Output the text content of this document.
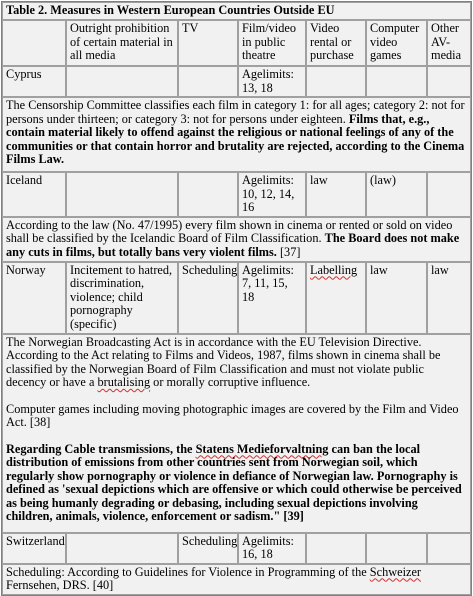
Table 2. Measures in Western European Countries Outside EU						
	Outright prohibition of certain material in all media	TV	Film/video in public theatre	Video rental or purchase	Computer video games	Other AV-media
Cyprus			Agelimits: 13, 18			

The Censorship Committee classifies each film in category 1: for all ages; category 2: not for persons under thirteen; or category 3: not for persons under eighteen. Films that, e.g., contain material likely to offend against the religious or national feelings of any of the communities or that contain horror and brutality are rejected, according to the Cinema Films Law.						

Iceland			Agelimits: 10, 12, 14, 16	law	(law)	

According to the law (No. 47/1995) every film shown in cinema or rented or sold on video shall be classified by the Icelandic Board of Film Classification. The Board does not make any cuts in films, but totally bans very violent films. [37]						

Norway	Incitement to hatred, discrimination, violence; child pornography (specific)	Scheduling	Agelimits: 7, 11, 15, 18	Labelling	law	law

The Norwegian Broadcasting Act is in accordance with the EU Television Directive. According to the Act relating to Films and Videos, 1987, films shown in cinema shall be classified by the Norwegian Board of Film Classification and must not violate public decency or have a brutalising or morally corruptive influence.

Computer games including moving photographic images are covered by the Film and Video Act. [38]

Regarding Cable transmissions, the Statens Medieforvaltning can ban the local distribution of emissions from other countries sent from Norwegian soil, which regularly show pornography or violence in defiance of Norwegian law. Pornography is defined as 'sexual depictions which are offensive or which could otherwise be perceived as being humanly degrading or debasing, including sexual depictions involving children, animals, violence, enforcement or sadism." [39]						

Switzerland		Scheduling	Agelimits: 16, 18			

Scheduling: According to Guidelines for Violence in Programming of the Schweizer Fernsehen, DRS. [40]						
